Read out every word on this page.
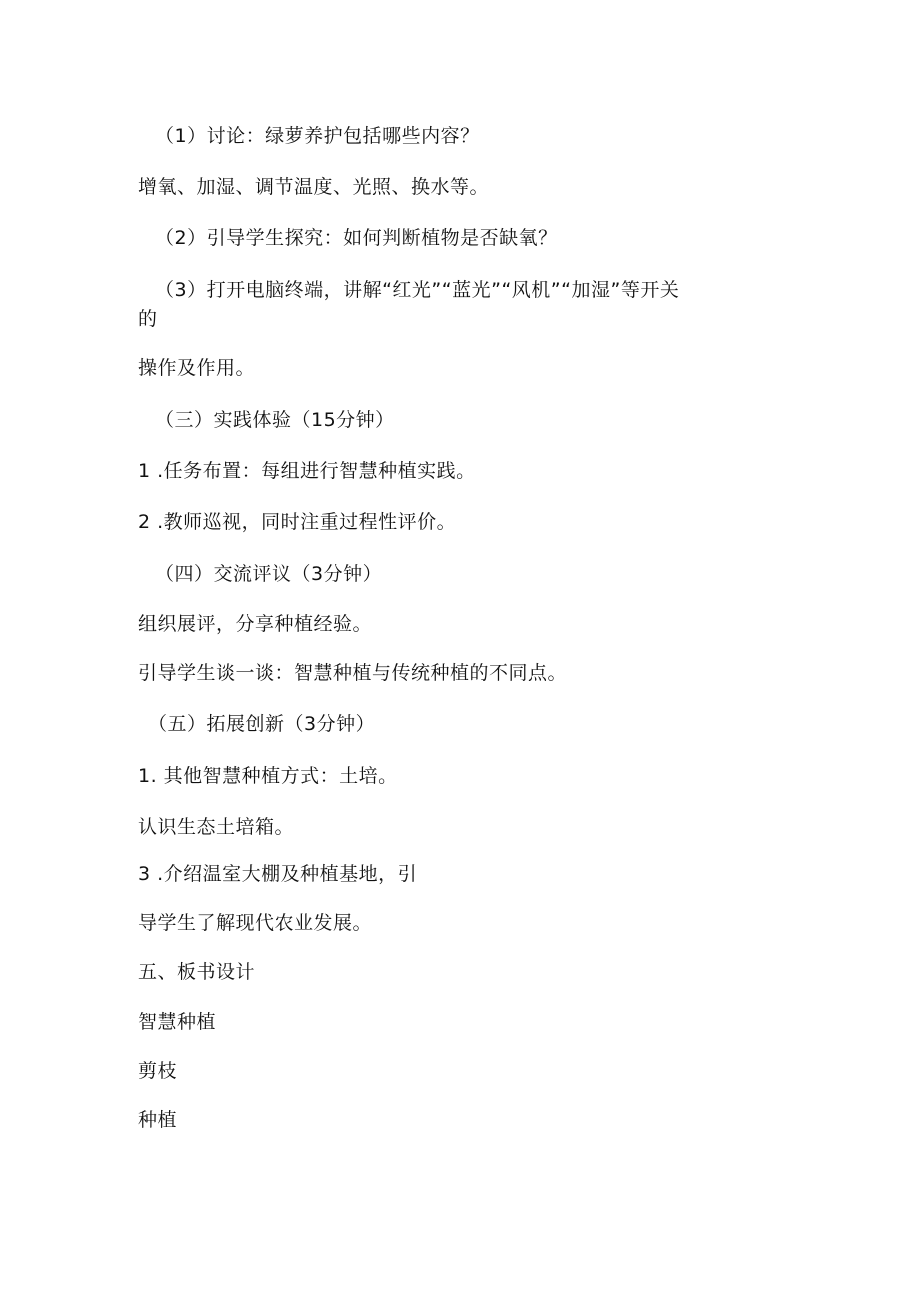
（1）讨论：绿萝养护包括哪些内容？
增氧、加湿、调节温度、光照、换水等。
（2）引导学生探究：如何判断植物是否缺氧？
（3）打开电脑终端，讲解“红光”“蓝光”“风机”“加湿”等开关
的
操作及作用。
（三）实践体验（15分钟）
1 .任务布置：每组进行智慧种植实践。
2 .教师巡视，同时注重过程性评价。
（四）交流评议（3分钟）
组织展评，分享种植经验。
引导学生谈一谈：智慧种植与传统种植的不同点。
（五）拓展创新（3分钟）
1. 其他智慧种植方式：土培。
认识生态土培箱。
3 .介绍温室大棚及种植基地，引
导学生了解现代农业发展。
五、板书设计
智慧种植
剪枝
种植
